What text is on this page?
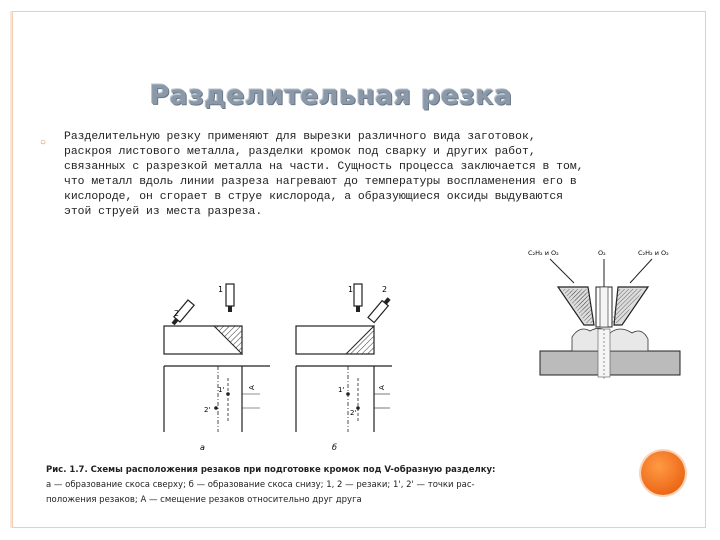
Разделительная резка
○	Разделительную резку применяют для вырезки различного вида заготовок,
раскроя листового металла, разделки кромок под сварку и других работ,
связанных с разрезкой металла на части. Сущность процесса заключается в том,
что металл вдоль линии разреза нагревают до температуры воспламенения его в
кислороде, он сгорает в струе кислорода, а образующиеся оксиды выдуваются
этой струей из места разреза.
1
2
1'
2'
A
а
1	2
1'
2'
A
б
C₂H₂ и O₂	O₂	C₂H₂ и O₂
Рис. 1.7. Схемы расположения резаков при подготовке кромок под V-образную разделку:
а — образование скоса сверху; б — образование скоса снизу; 1, 2 — резаки; 1', 2' — точки рас-
положения резаков; А — смещение резаков относительно друг друга
